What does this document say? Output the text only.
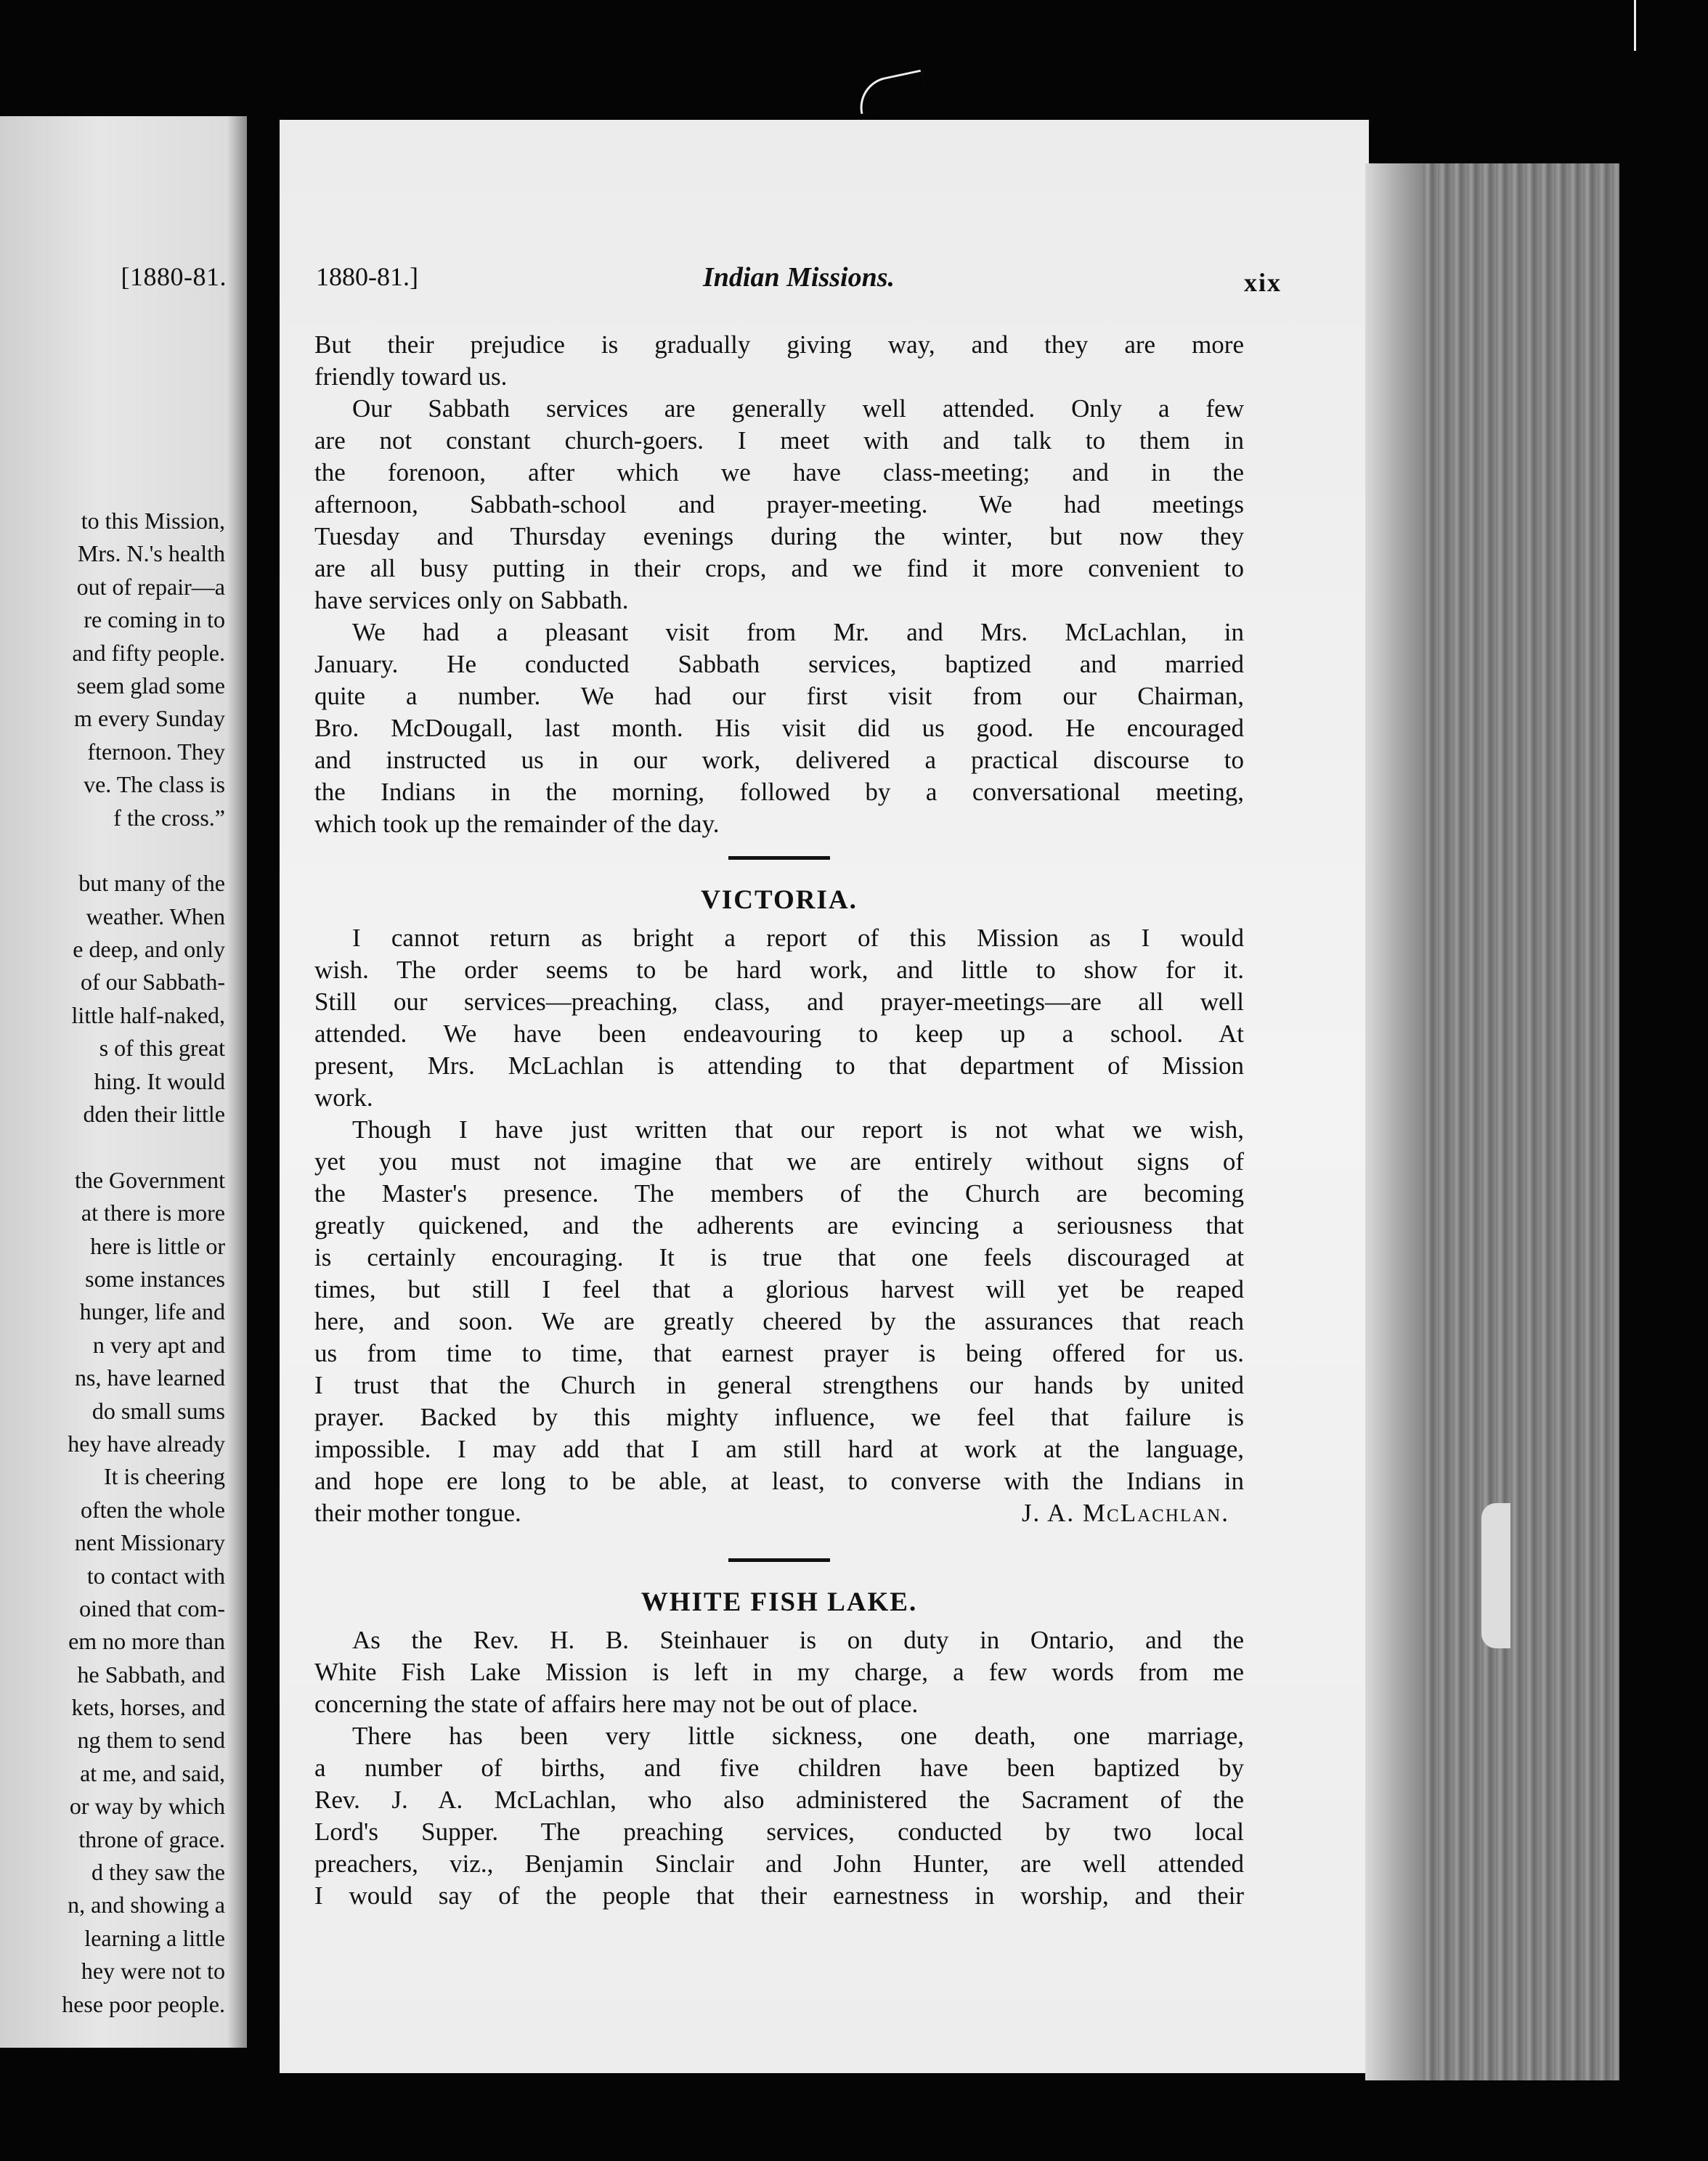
[1880-81.
to this Mission,
Mrs. N.'s health
out of repair—a
re coming in to
and fifty people.
seem glad some
m every Sunday
fternoon. They
ve. The class is
f the cross.”
but many of the
weather. When
e deep, and only
of our Sabbath-
little half-naked,
s of this great
hing. It would
dden their little
the Government
at there is more
here is little or
some instances
hunger, life and
n very apt and
ns, have learned
do small sums
hey have already
It is cheering
often the whole
nent Missionary
to contact with
oined that com-
em no more than
he Sabbath, and
kets, horses, and
ng them to send
at me, and said,
or way by which
throne of grace.
d they saw the
n, and showing a
learning a little
hey were not to
hese poor people.
1880-81.]	Indian Missions.	xix
But their prejudice is gradually giving way, and they are more
friendly toward us.
Our Sabbath services are generally well attended. Only a few
are not constant church-goers. I meet with and talk to them in
the forenoon, after which we have class-meeting; and in the
afternoon, Sabbath-school and prayer-meeting. We had meetings
Tuesday and Thursday evenings during the winter, but now they
are all busy putting in their crops, and we find it more convenient to
have services only on Sabbath.
We had a pleasant visit from Mr. and Mrs. McLachlan, in
January. He conducted Sabbath services, baptized and married
quite a number. We had our first visit from our Chairman,
Bro. McDougall, last month. His visit did us good. He encouraged
and instructed us in our work, delivered a practical discourse to
the Indians in the morning, followed by a conversational meeting,
which took up the remainder of the day.
VICTORIA.
I cannot return as bright a report of this Mission as I would
wish. The order seems to be hard work, and little to show for it.
Still our services—preaching, class, and prayer-meetings—are all well
attended. We have been endeavouring to keep up a school. At
present, Mrs. McLachlan is attending to that department of Mission
work.
Though I have just written that our report is not what we wish,
yet you must not imagine that we are entirely without signs of
the Master's presence. The members of the Church are becoming
greatly quickened, and the adherents are evincing a seriousness that
is certainly encouraging. It is true that one feels discouraged at
times, but still I feel that a glorious harvest will yet be reaped
here, and soon. We are greatly cheered by the assurances that reach
us from time to time, that earnest prayer is being offered for us.
I trust that the Church in general strengthens our hands by united
prayer. Backed by this mighty influence, we feel that failure is
impossible. I may add that I am still hard at work at the language,
and hope ere long to be able, at least, to converse with the Indians in
their mother tongue.	J. A. McLachlan.
WHITE FISH LAKE.
As the Rev. H. B. Steinhauer is on duty in Ontario, and the
White Fish Lake Mission is left in my charge, a few words from me
concerning the state of affairs here may not be out of place.
There has been very little sickness, one death, one marriage,
a number of births, and five children have been baptized by
Rev. J. A. McLachlan, who also administered the Sacrament of the
Lord's Supper. The preaching services, conducted by two local
preachers, viz., Benjamin Sinclair and John Hunter, are well attended
I would say of the people that their earnestness in worship, and their
